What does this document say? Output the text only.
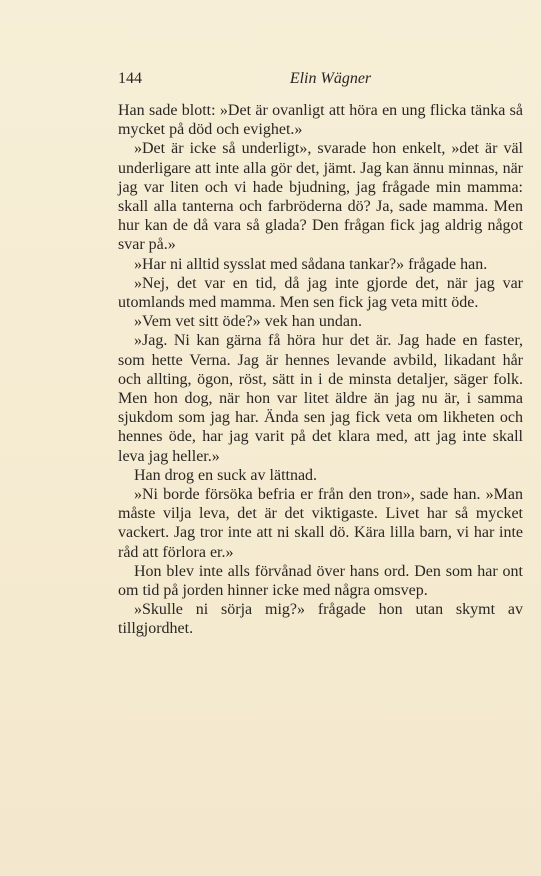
144	Elin Wägner

Han sade blott: »Det är ovanligt att höra en ung flicka tänka så mycket på död och evighet.»

»Det är icke så underligt», svarade hon enkelt, »det är väl underligare att inte alla gör det, jämt. Jag kan ännu minnas, när jag var liten och vi hade bjudning, jag frågade min mamma: skall alla tanterna och farbröderna dö? Ja, sade mamma. Men hur kan de då vara så glada? Den frågan fick jag aldrig något svar på.»

»Har ni alltid sysslat med sådana tankar?» frågade han.

»Nej, det var en tid, då jag inte gjorde det, när jag var utomlands med mamma. Men sen fick jag veta mitt öde.

»Vem vet sitt öde?» vek han undan.

»Jag. Ni kan gärna få höra hur det är. Jag hade en faster, som hette Verna. Jag är hennes levande avbild, likadant hår och allting, ögon, röst, sätt in i de minsta detaljer, säger folk. Men hon dog, när hon var litet äldre än jag nu är, i samma sjukdom som jag har. Ända sen jag fick veta om likheten och hennes öde, har jag varit på det klara med, att jag inte skall leva jag heller.»

Han drog en suck av lättnad.

»Ni borde försöka befria er från den tron», sade han. »Man måste vilja leva, det är det viktigaste. Livet har så mycket vackert. Jag tror inte att ni skall dö. Kära lilla barn, vi har inte råd att förlora er.»

Hon blev inte alls förvånad över hans ord. Den som har ont om tid på jorden hinner icke med några omsvep.

»Skulle ni sörja mig?» frågade hon utan skymt av tillgjordhet.
